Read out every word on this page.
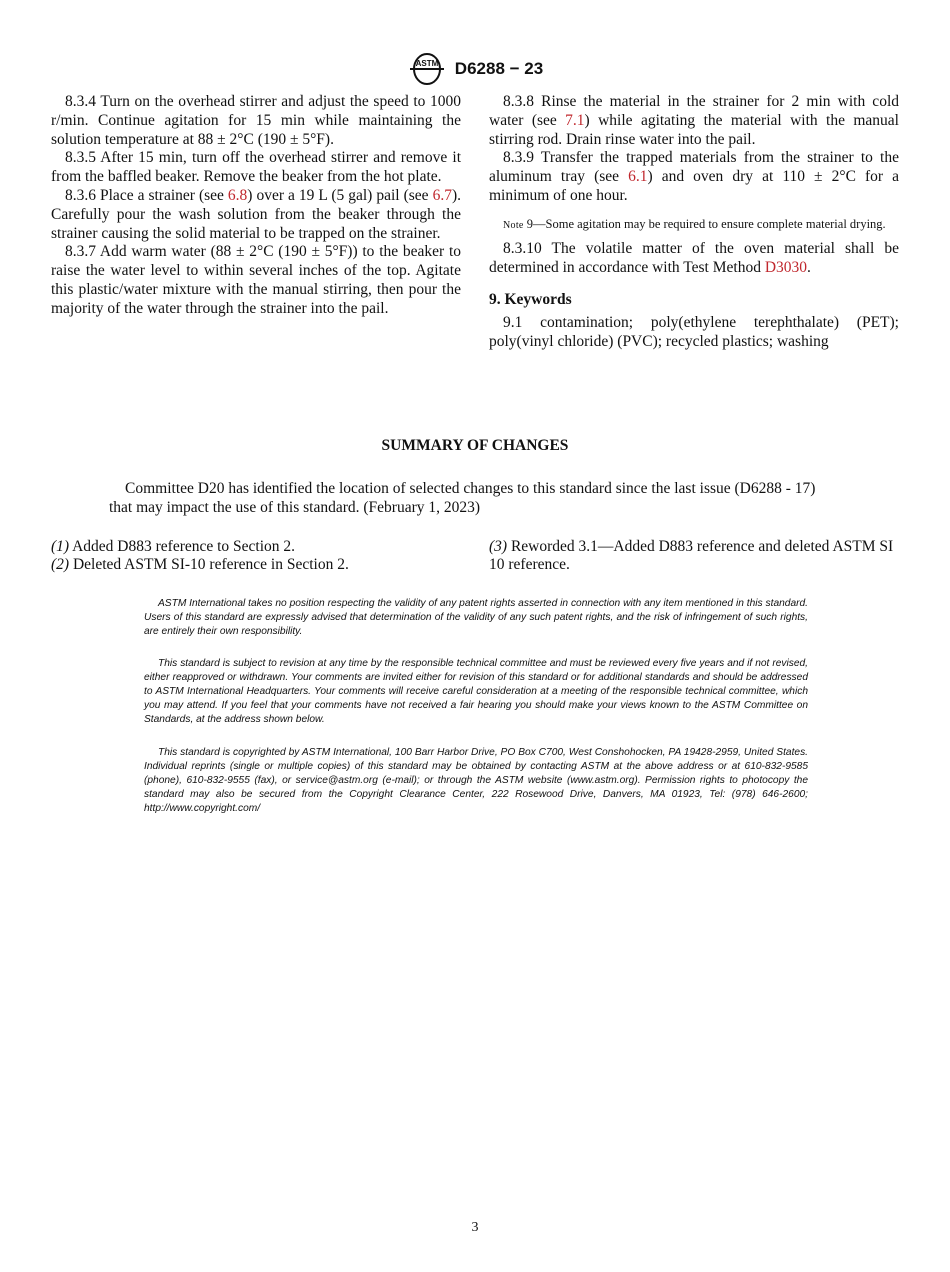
ASTM D6288 − 23

8.3.4 Turn on the overhead stirrer and adjust the speed to 1000 r/min. Continue agitation for 15 min while maintaining the solution temperature at 88 ± 2°C (190 ± 5°F).

8.3.5 After 15 min, turn off the overhead stirrer and remove it from the baffled beaker. Remove the beaker from the hot plate.

8.3.6 Place a strainer (see 6.8) over a 19 L (5 gal) pail (see 6.7). Carefully pour the wash solution from the beaker through the strainer causing the solid material to be trapped on the strainer.

8.3.7 Add warm water (88 ± 2°C (190 ± 5°F)) to the beaker to raise the water level to within several inches of the top. Agitate this plastic/water mixture with the manual stirring, then pour the majority of the water through the strainer into the pail.

8.3.8 Rinse the material in the strainer for 2 min with cold water (see 7.1) while agitating the material with the manual stirring rod. Drain rinse water into the pail.

8.3.9 Transfer the trapped materials from the strainer to the aluminum tray (see 6.1) and oven dry at 110 ± 2°C for a minimum of one hour.

Note 9—Some agitation may be required to ensure complete material drying.

8.3.10 The volatile matter of the oven material shall be determined in accordance with Test Method D3030.

9. Keywords

9.1 contamination; poly(ethylene terephthalate) (PET); poly(vinyl chloride) (PVC); recycled plastics; washing

SUMMARY OF CHANGES
Committee D20 has identified the location of selected changes to this standard since the last issue (D6288 - 17)
that may impact the use of this standard. (February 1, 2023)

(1) Added D883 reference to Section 2.

(2) Deleted ASTM SI-10 reference in Section 2.

(3) Reworded 3.1—Added D883 reference and deleted ASTM SI 10 reference.

ASTM International takes no position respecting the validity of any patent rights asserted in connection with any item mentioned in this standard. Users of this standard are expressly advised that determination of the validity of any such patent rights, and the risk of infringement of such rights, are entirely their own responsibility.

This standard is subject to revision at any time by the responsible technical committee and must be reviewed every five years and if not revised, either reapproved or withdrawn. Your comments are invited either for revision of this standard or for additional standards and should be addressed to ASTM International Headquarters. Your comments will receive careful consideration at a meeting of the responsible technical committee, which you may attend. If you feel that your comments have not received a fair hearing you should make your views known to the ASTM Committee on Standards, at the address shown below.

This standard is copyrighted by ASTM International, 100 Barr Harbor Drive, PO Box C700, West Conshohocken, PA 19428-2959, United States. Individual reprints (single or multiple copies) of this standard may be obtained by contacting ASTM at the above address or at 610-832-9585 (phone), 610-832-9555 (fax), or service@astm.org (e-mail); or through the ASTM website (www.astm.org). Permission rights to photocopy the standard may also be secured from the Copyright Clearance Center, 222 Rosewood Drive, Danvers, MA 01923, Tel: (978) 646-2600; http://www.copyright.com/

3
